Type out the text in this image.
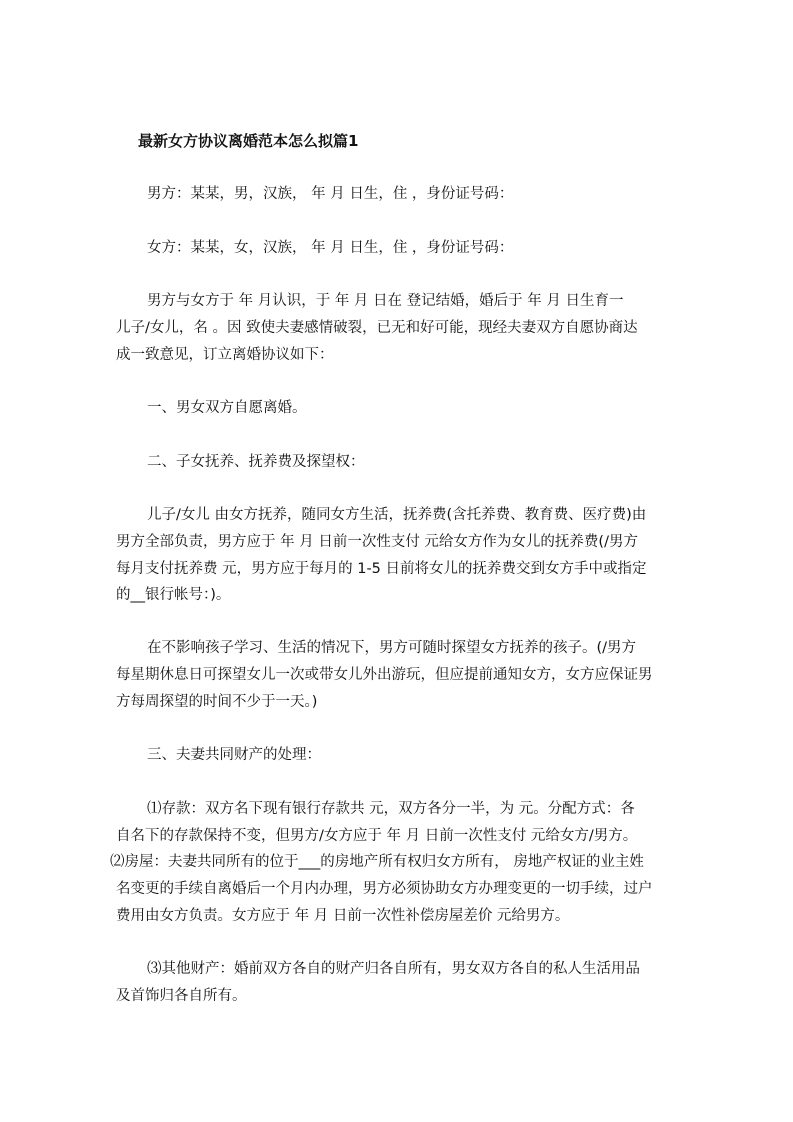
最新女方协议离婚范本怎么拟篇1
男方：某某，男，汉族， 年 月 日生，住 ，身份证号码：
女方：某某，女，汉族， 年 月 日生，住 ，身份证号码：
男方与女方于 年 月认识，于 年 月 日在 登记结婚，婚后于 年 月 日生育一
儿子/女儿，名 。因 致使夫妻感情破裂，已无和好可能，现经夫妻双方自愿协商达
成一致意见，订立离婚协议如下：
一、男女双方自愿离婚。
二、子女抚养、抚养费及探望权：
儿子/女儿 由女方抚养，随同女方生活，抚养费(含托养费、教育费、医疗费)由
男方全部负责，男方应于 年 月 日前一次性支付 元给女方作为女儿的抚养费(/男方
每月支付抚养费 元，男方应于每月的 1-5 日前将女儿的抚养费交到女方手中或指定
的__银行帐号：)。
在不影响孩子学习、生活的情况下，男方可随时探望女方抚养的孩子。(/男方
每星期休息日可探望女儿一次或带女儿外出游玩，但应提前通知女方，女方应保证男
方每周探望的时间不少于一天。)
三、夫妻共同财产的处理：
⑴存款：双方名下现有银行存款共 元，双方各分一半，为 元。分配方式：各
自名下的存款保持不变，但男方/女方应于 年 月 日前一次性支付 元给女方/男方。
⑵房屋：夫妻共同所有的位于___的房地产所有权归女方所有， 房地产权证的业主姓
名变更的手续自离婚后一个月内办理，男方必须协助女方办理变更的一切手续，过户
费用由女方负责。女方应于 年 月 日前一次性补偿房屋差价 元给男方。
⑶其他财产：婚前双方各自的财产归各自所有，男女双方各自的私人生活用品
及首饰归各自所有。
